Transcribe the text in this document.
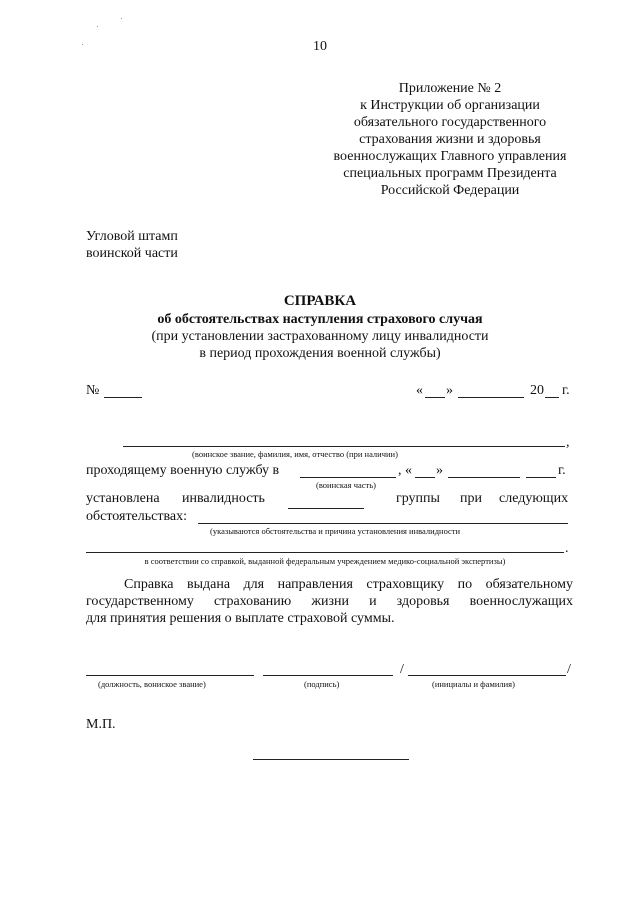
10
Приложение № 2
к Инструкции об организации
обязательного государственного
страхования жизни и здоровья
военнослужащих Главного управления
специальных программ Президента
Российской Федерации
Угловой штамп
воинской части
СПРАВКА
об обстоятельствах наступления страхового случая
(при установлении застрахованному лицу инвалидности
в период прохождения военной службы)
№	« »	20 г.
,
(воинское звание, фамилия, имя, отчество (при наличии)
проходящему военную службу в	, « »	г.
(воинская часть)
установлена инвалидность	группы при следующих
обстоятельствах:
(указываются обстоятельства и причина установления инвалидности
.
в соответствии со справкой, выданной федеральным учреждением медико-социальной экспертизы)
Справка выдана для направления страховщику по обязательному
государственному страхованию жизни и здоровья военнослужащих
для принятия решения о выплате страховой суммы.
/	/
(должность, вониское звание)	(подпись)	(инициалы и фамилия)
М.П.
